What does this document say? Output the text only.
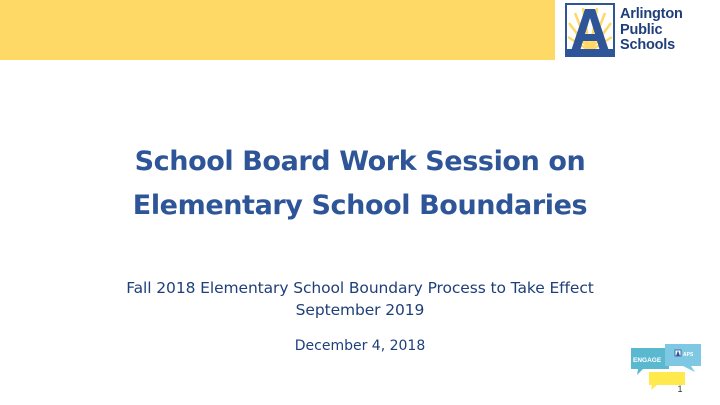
Arlington
Public
Schools
School Board Work Session on
Elementary School Boundaries
Fall 2018 Elementary School Boundary Process to Take Effect
September 2019
December 4, 2018
ENGAGE
APS
1
